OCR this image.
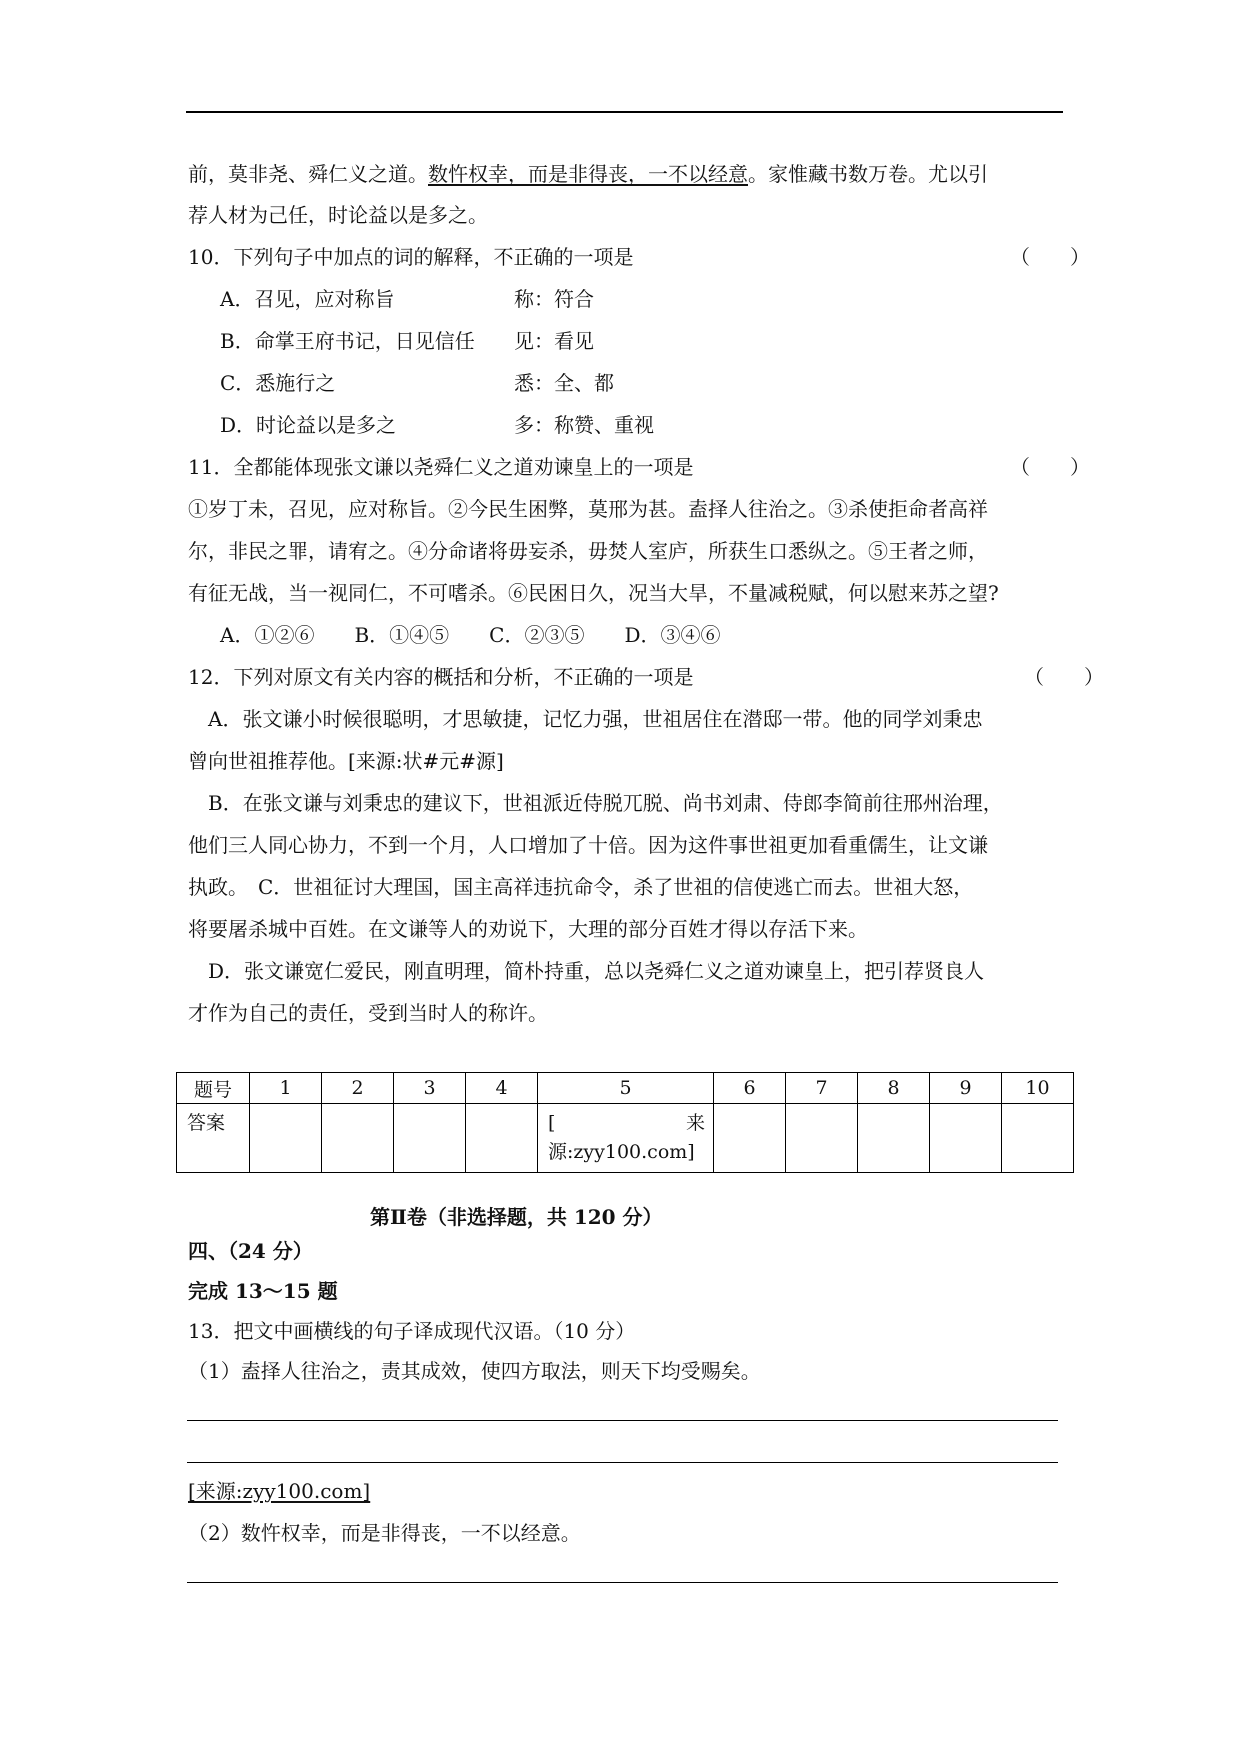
前，莫非尧、舜仁义之道。数忤权幸，而是非得丧，一不以经意。家惟藏书数万卷。尤以引
荐人材为己任，时论益以是多之。
10．下列句子中加点的词的解释，不正确的一项是	（　　）
A．召见，应对称旨	称：符合
B．命掌王府书记，日见信任 见：看见
C．悉施行之	悉：全、都
D．时论益以是多之	多：称赞、重视
11．全都能体现张文谦以尧舜仁义之道劝谏皇上的一项是	（　　）
①岁丁未，召见，应对称旨。②今民生困弊，莫邢为甚。盍择人往治之。③杀使拒命者高祥
尔，非民之罪，请宥之。④分命诸将毋妄杀，毋焚人室庐，所获生口悉纵之。⑤王者之师，
有征无战，当一视同仁，不可嗜杀。⑥民困日久，况当大旱，不量减税赋，何以慰来苏之望?
A．①②⑥　　B．①④⑤　　C．②③⑤　　D．③④⑥
12．下列对原文有关内容的概括和分析，不正确的一项是	（　　）
A．张文谦小时候很聪明，才思敏捷，记忆力强，世祖居住在潜邸一带。他的同学刘秉忠
曾向世祖推荐他。[来源:状#元#源]
B．在张文谦与刘秉忠的建议下，世祖派近侍脱兀脱、尚书刘肃、侍郎李简前往邢州治理，
他们三人同心协力，不到一个月，人口增加了十倍。因为这件事世祖更加看重儒生，让文谦
执政。　C．世祖征讨大理国，国主高祥违抗命令，杀了世祖的信使逃亡而去。世祖大怒，
将要屠杀城中百姓。在文谦等人的劝说下，大理的部分百姓才得以存活下来。
D．张文谦宽仁爱民，刚直明理，简朴持重，总以尧舜仁义之道劝谏皇上，把引荐贤良人
才作为自己的责任，受到当时人的称许。
题号	1	2	3	4	5	6	7	8	9	10
答案					[ 来
源:zyy100.com]					

第Ⅱ卷（非选择题，共 120 分）
四、（24 分）
完成 13～15 题
13．把文中画横线的句子译成现代汉语。（10 分）
（1）盍择人往治之，责其成效，使四方取法，则天下均受赐矣。
[来源:zyy100.com]
（2）数忤权幸，而是非得丧，一不以经意。
